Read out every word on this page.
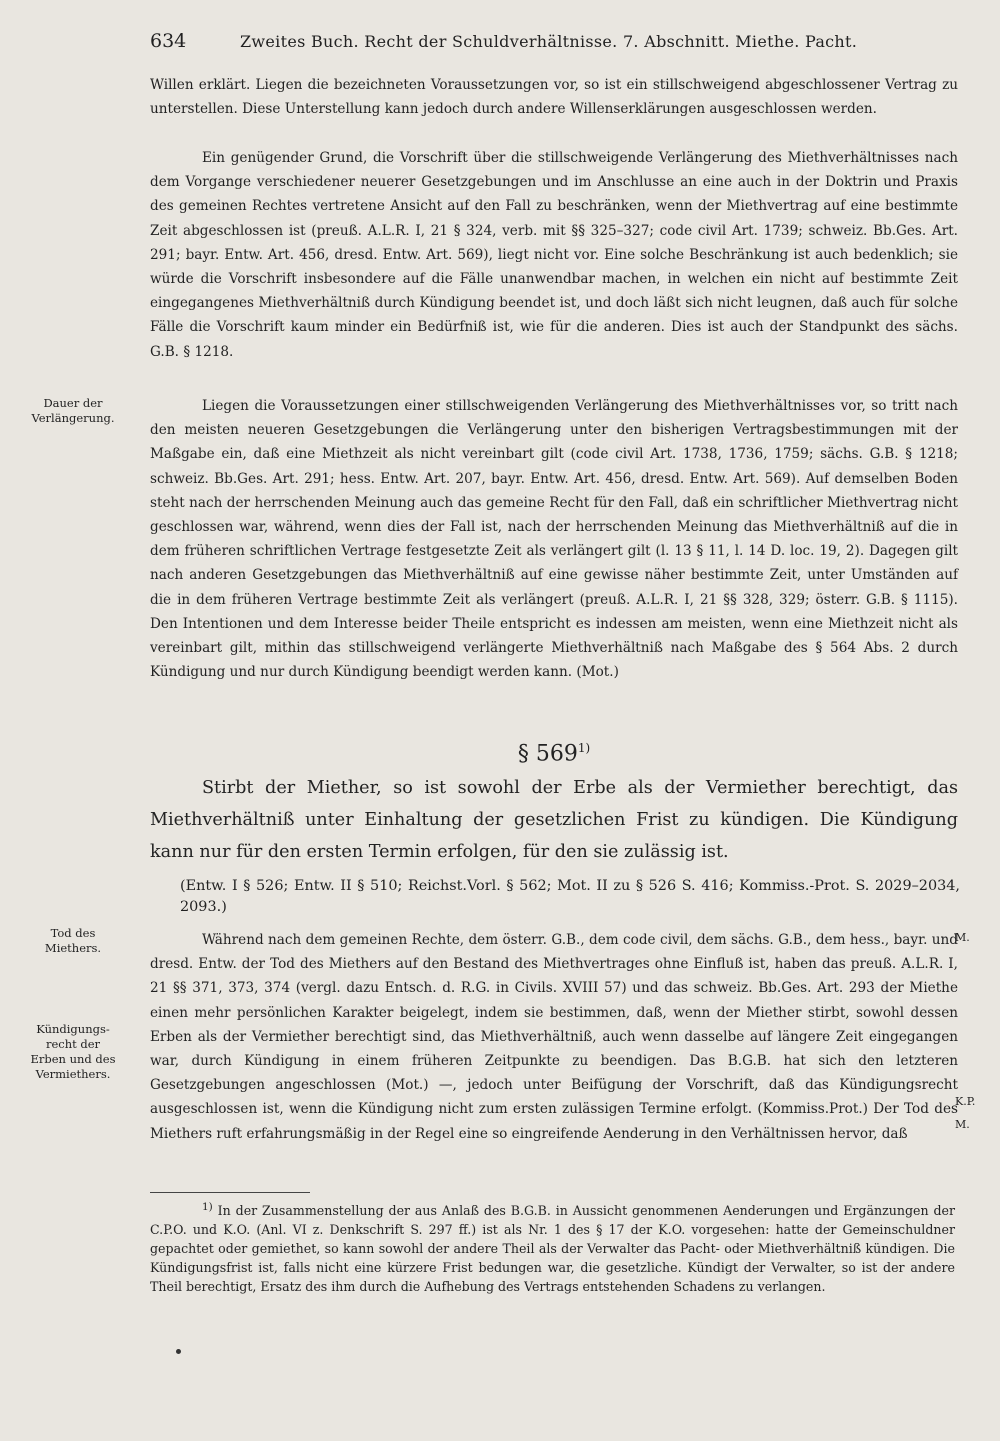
634	Zweites Buch. Recht der Schuldverhältnisse. 7. Abschnitt. Miethe. Pacht.

Willen erklärt. Liegen die bezeichneten Voraussetzungen vor, so ist ein stillschweigend abgeschlossener Vertrag zu unterstellen. Diese Unterstellung kann jedoch durch andere Willenserklärungen ausgeschlossen werden.

Ein genügender Grund, die Vorschrift über die stillschweigende Verlängerung des Miethverhältnisses nach dem Vorgange verschiedener neuerer Gesetzgebungen und im Anschlusse an eine auch in der Doktrin und Praxis des gemeinen Rechtes vertretene Ansicht auf den Fall zu beschränken, wenn der Miethvertrag auf eine bestimmte Zeit abgeschlossen ist (preuß. A.L.R. I, 21 § 324, verb. mit §§ 325–327; code civil Art. 1739; schweiz. Bb.Ges. Art. 291; bayr. Entw. Art. 456, dresd. Entw. Art. 569), liegt nicht vor. Eine solche Beschränkung ist auch bedenklich; sie würde die Vorschrift insbesondere auf die Fälle unanwendbar machen, in welchen ein nicht auf bestimmte Zeit eingegangenes Miethverhältniß durch Kündigung beendet ist, und doch läßt sich nicht leugnen, daß auch für solche Fälle die Vorschrift kaum minder ein Bedürfniß ist, wie für die anderen. Dies ist auch der Standpunkt des sächs. G.B. § 1218.

Liegen die Voraussetzungen einer stillschweigenden Verlängerung des Miethverhältnisses vor, so tritt nach den meisten neueren Gesetzgebungen die Verlängerung unter den bisherigen Vertragsbestimmungen mit der Maßgabe ein, daß eine Miethzeit als nicht vereinbart gilt (code civil Art. 1738, 1736, 1759; sächs. G.B. § 1218; schweiz. Bb.Ges. Art. 291; hess. Entw. Art. 207, bayr. Entw. Art. 456, dresd. Entw. Art. 569). Auf demselben Boden steht nach der herrschenden Meinung auch das gemeine Recht für den Fall, daß ein schriftlicher Miethvertrag nicht geschlossen war, während, wenn dies der Fall ist, nach der herrschenden Meinung das Miethverhältniß auf die in dem früheren schriftlichen Vertrage festgesetzte Zeit als verlängert gilt (l. 13 § 11, l. 14 D. loc. 19, 2). Dagegen gilt nach anderen Gesetzgebungen das Miethverhältniß auf eine gewisse näher bestimmte Zeit, unter Umständen auf die in dem früheren Vertrage bestimmte Zeit als verlängert (preuß. A.L.R. I, 21 §§ 328, 329; österr. G.B. § 1115). Den Intentionen und dem Interesse beider Theile entspricht es indessen am meisten, wenn eine Miethzeit nicht als vereinbart gilt, mithin das stillschweigend verlängerte Miethverhältniß nach Maßgabe des § 564 Abs. 2 durch Kündigung und nur durch Kündigung beendigt werden kann. (Mot.)

Dauer der
Verlängerung.
§ 569$^{1)}$

Stirbt der Miether, so ist sowohl der Erbe als der Vermiether berechtigt, das Miethverhältniß unter Einhaltung der gesetzlichen Frist zu kündigen. Die Kündigung kann nur für den ersten Termin erfolgen, für den sie zulässig ist.

(Entw. I § 526; Entw. II § 510; Reichst.Vorl. § 562; Mot. II zu § 526 S. 416; Kommiss.-Prot. S. 2029–2034, 2093.)

Tod des
Miethers.
Kündigungs-
recht der
Erben und des
Vermiethers.

Während nach dem gemeinen Rechte, dem österr. G.B., dem code civil, dem sächs. G.B., dem hess., bayr. und dresd. Entw. der Tod des Miethers auf den Bestand des Miethvertrages ohne Einfluß ist, haben das preuß. A.L.R. I, 21 §§ 371, 373, 374 (vergl. dazu Entsch. d. R.G. in Civils. XVIII 57) und das schweiz. Bb.Ges. Art. 293 der Miethe einen mehr persönlichen Karakter beigelegt, indem sie bestimmen, daß, wenn der Miether stirbt, sowohl dessen Erben als der Vermiether berechtigt sind, das Miethverhältniß, auch wenn dasselbe auf längere Zeit eingegangen war, durch Kündigung in einem früheren Zeitpunkte zu beendigen. Das B.G.B. hat sich den letzteren Gesetzgebungen angeschlossen (Mot.) —, jedoch unter Beifügung der Vorschrift, daß das Kündigungsrecht ausgeschlossen ist, wenn die Kündigung nicht zum ersten zulässigen Termine erfolgt. (Kommiss.Prot.) Der Tod des Miethers ruft erfahrungsmäßig in der Regel eine so eingreifende Aenderung in den Verhältnissen hervor, daß

M.
K.P.
M.

$^{1)}$ In der Zusammenstellung der aus Anlaß des B.G.B. in Aussicht genommenen Aenderungen und Ergänzungen der C.P.O. und K.O. (Anl. VI z. Denkschrift S. 297 ff.) ist als Nr. 1 des § 17 der K.O. vorgesehen: hatte der Gemeinschuldner gepachtet oder gemiethet, so kann sowohl der andere Theil als der Verwalter das Pacht- oder Miethverhältniß kündigen. Die Kündigungsfrist ist, falls nicht eine kürzere Frist bedungen war, die gesetzliche. Kündigt der Verwalter, so ist der andere Theil berechtigt, Ersatz des ihm durch die Aufhebung des Vertrags entstehenden Schadens zu verlangen.
